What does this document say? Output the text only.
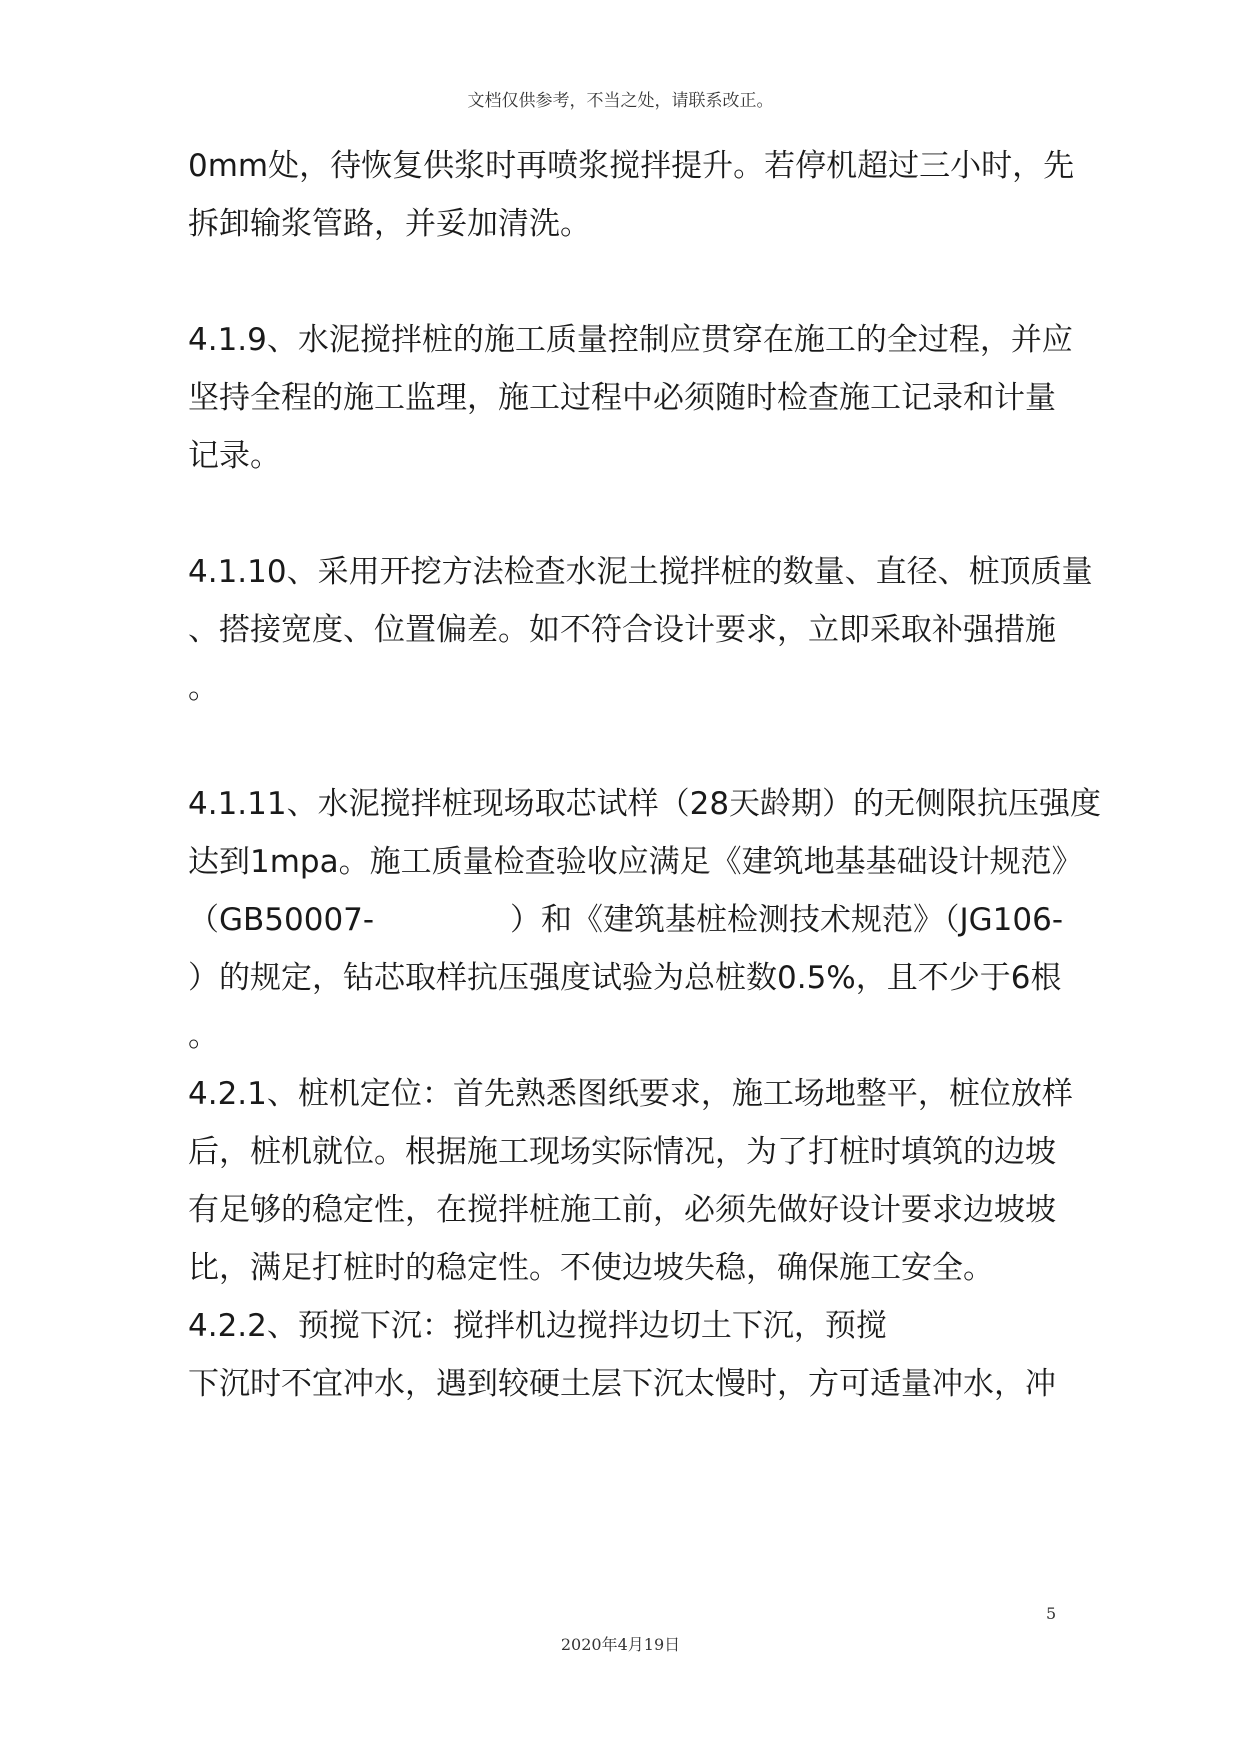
文档仅供参考，不当之处，请联系改正。
0mm处，待恢复供浆时再喷浆搅拌提升。若停机超过三小时，先
拆卸输浆管路，并妥加清洗。
4.1.9、水泥搅拌桩的施工质量控制应贯穿在施工的全过程，并应
坚持全程的施工监理，施工过程中必须随时检查施工记录和计量
记录。
4.1.10、采用开挖方法检查水泥土搅拌桩的数量、直径、桩顶质量
、搭接宽度、位置偏差。如不符合设计要求，立即采取补强措施
。
4.1.11、水泥搅拌桩现场取芯试样（28天龄期）的无侧限抗压强度
达到1mpa。施工质量检查验收应满足《建筑地基基础设计规范》
（GB50007-	）和《建筑基桩检测技术规范》（JG106-
）的规定，钻芯取样抗压强度试验为总桩数0.5%，且不少于6根
。
4.2.1、桩机定位：首先熟悉图纸要求，施工场地整平，桩位放样
后，桩机就位。根据施工现场实际情况，为了打桩时填筑的边坡
有足够的稳定性，在搅拌桩施工前，必须先做好设计要求边坡坡
比，满足打桩时的稳定性。不使边坡失稳，确保施工安全。
4.2.2、预搅下沉：搅拌机边搅拌边切土下沉，预搅
下沉时不宜冲水，遇到较硬土层下沉太慢时，方可适量冲水，冲
5
2020年4月19日
